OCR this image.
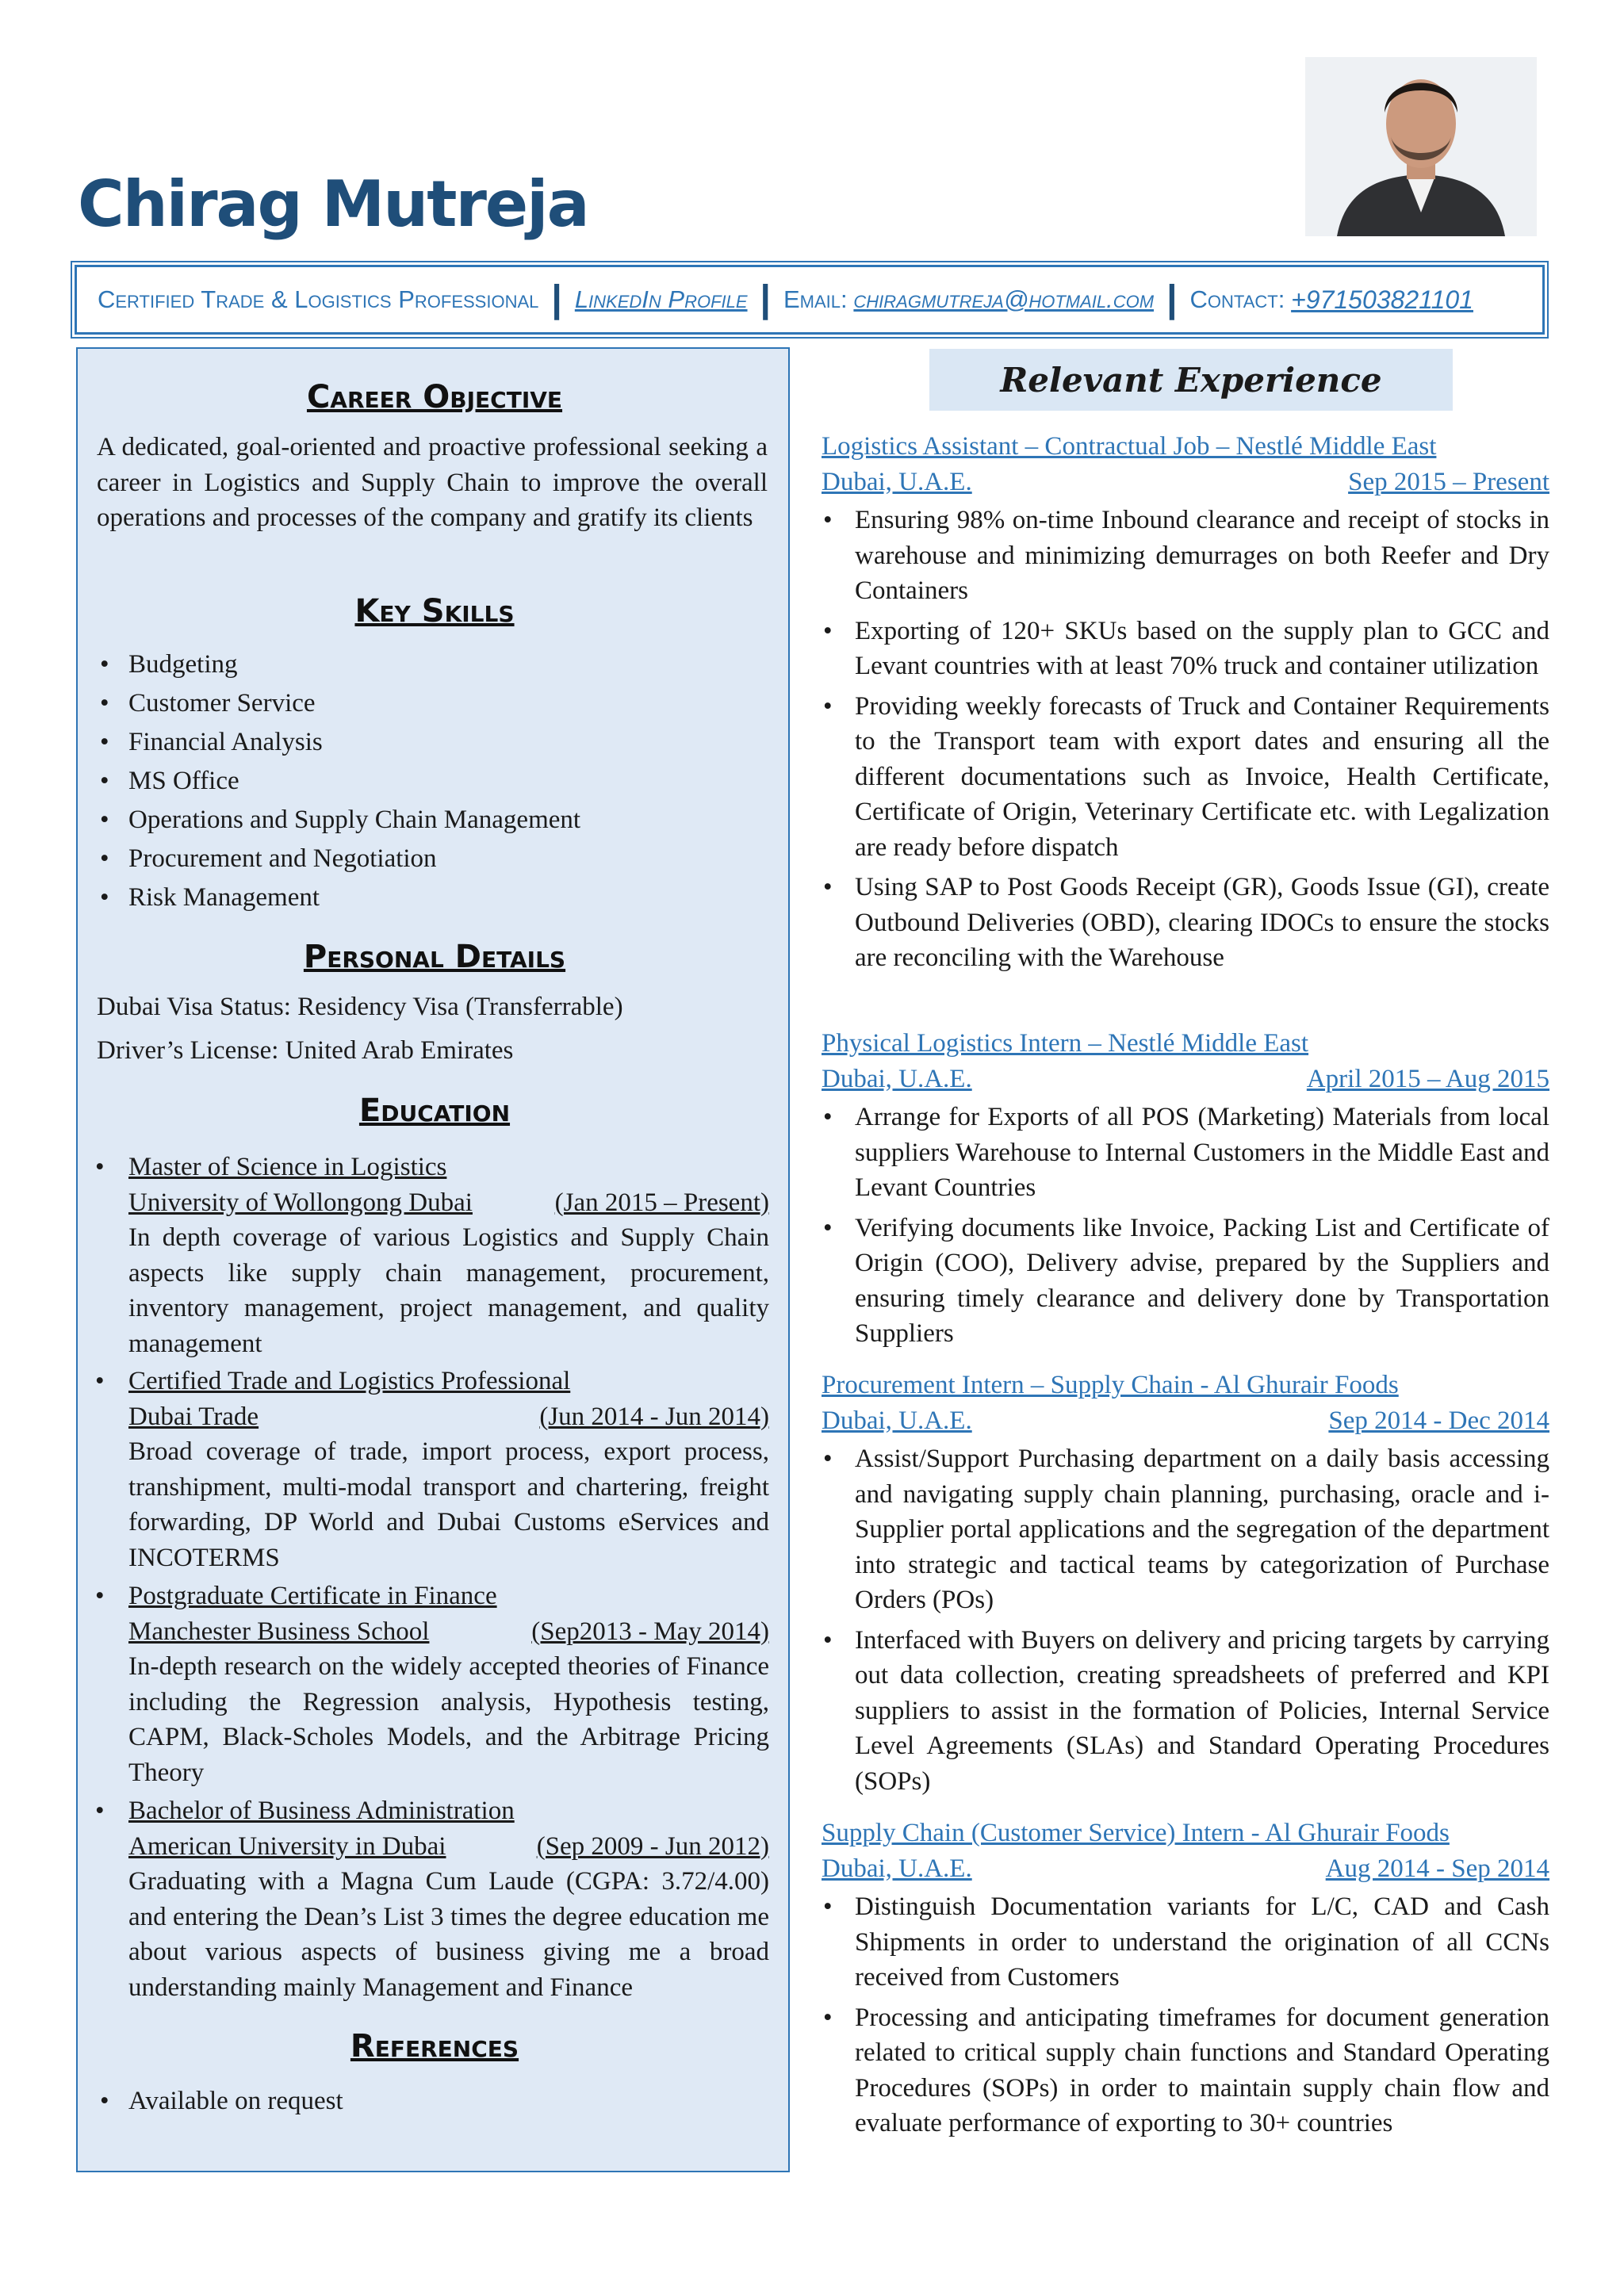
Chirag Mutreja
Certified Trade & Logistics Professional | LinkedIn Profile | Email:
chiragmutreja@hotmail.com | Contact:
+971503821101
Career Objective
A dedicated, goal-oriented and proactive professional seeking a career in Logistics and Supply Chain to improve the overall operations and processes of the company and gratify its clients
Key Skills
• Budgeting
• Customer Service
• Financial Analysis
• MS Office
• Operations and Supply Chain Management
• Procurement and Negotiation
• Risk Management
Personal Details
Dubai Visa Status: Residency Visa (Transferrable)
Driver’s License: United Arab Emirates
Education
• Master of Science in Logistics
University of Wollongong Dubai	(Jan 2015 – Present)
In depth coverage of various Logistics and Supply Chain aspects like supply chain management, procurement, inventory management, project management, and quality management
• Certified Trade and Logistics Professional
Dubai Trade	(Jun 2014 - Jun 2014)
Broad coverage of trade, import process, export process, transhipment, multi-modal transport and chartering, freight forwarding, DP World and Dubai Customs eServices and INCOTERMS
• Postgraduate Certificate in Finance
Manchester Business School	(Sep2013 - May 2014)
In-depth research on the widely accepted theories of Finance including the Regression analysis, Hypothesis testing, CAPM, Black-Scholes Models, and the Arbitrage Pricing Theory
• Bachelor of Business Administration
American University in Dubai	(Sep 2009 - Jun 2012)
Graduating with a Magna Cum Laude (CGPA: 3.72/4.00) and entering the Dean’s List 3 times the degree education me about various aspects of business giving me a broad understanding mainly Management and Finance
References
• Available on request
Relevant Experience
Logistics Assistant – Contractual Job – Nestlé Middle East
Dubai, U.A.E.	Sep 2015 – Present
• Ensuring 98% on-time Inbound clearance and receipt of stocks in warehouse and minimizing demurrages on both Reefer and Dry Containers
• Exporting of 120+ SKUs based on the supply plan to GCC and Levant countries with at least 70% truck and container utilization
• Providing weekly forecasts of Truck and Container Requirements to the Transport team with export dates and ensuring all the different documentations such as Invoice, Health Certificate, Certificate of Origin, Veterinary Certificate etc. with Legalization are ready before dispatch
• Using SAP to Post Goods Receipt (GR), Goods Issue (GI), create Outbound Deliveries (OBD), clearing IDOCs to ensure the stocks are reconciling with the Warehouse
Physical Logistics Intern – Nestlé Middle East
Dubai, U.A.E.	April 2015 – Aug 2015
• Arrange for Exports of all POS (Marketing) Materials from local suppliers Warehouse to Internal Customers in the Middle East and Levant Countries
• Verifying documents like Invoice, Packing List and Certificate of Origin (COO), Delivery advise, prepared by the Suppliers and ensuring timely clearance and delivery done by Transportation Suppliers
Procurement Intern – Supply Chain - Al Ghurair Foods
Dubai, U.A.E.	Sep 2014 - Dec 2014
• Assist/Support Purchasing department on a daily basis accessing and navigating supply chain planning, purchasing, oracle and i-Supplier portal applications and the segregation of the department into strategic and tactical teams by categorization of Purchase Orders (POs)
• Interfaced with Buyers on delivery and pricing targets by carrying out data collection, creating spreadsheets of preferred and KPI suppliers to assist in the formation of Policies, Internal Service Level Agreements (SLAs) and Standard Operating Procedures (SOPs)
Supply Chain (Customer Service) Intern - Al Ghurair Foods
Dubai, U.A.E.	Aug 2014 - Sep 2014
• Distinguish Documentation variants for L/C, CAD and Cash Shipments in order to understand the origination of all CCNs received from Customers
• Processing and anticipating timeframes for document generation related to critical supply chain functions and Standard Operating Procedures (SOPs) in order to maintain supply chain flow and evaluate performance of exporting to 30+ countries
